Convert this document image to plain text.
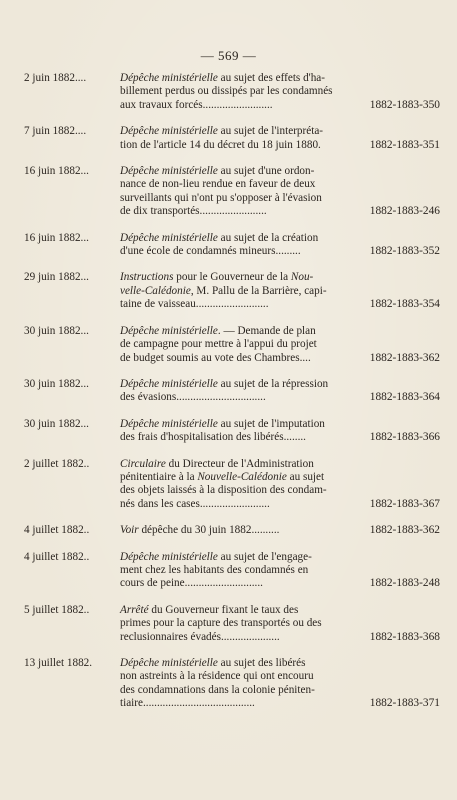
— 569 —
2 juin 1882....	Dépêche ministérielle au sujet des effets d'ha-
billement perdus ou dissipés par les condamnés
aux travaux forcés.........................	1882-1883-350
7 juin 1882....	Dépêche ministérielle au sujet de l'interpréta-
tion de l'article 14 du décret du 18 juin 1880.	1882-1883-351
16 juin 1882...	Dépêche ministérielle au sujet d'une ordon-
nance de non-lieu rendue en faveur de deux
surveillants qui n'ont pu s'opposer à l'évasion
de dix transportés........................	1882-1883-246
16 juin 1882...	Dépêche ministérielle au sujet de la création
d'une école de condamnés mineurs.........	1882-1883-352
29 juin 1882...	Instructions pour le Gouverneur de la Nou-
velle-Calédonie, M. Pallu de la Barrière, capi-
taine de vaisseau..........................	1882-1883-354
30 juin 1882...	Dépêche ministérielle. — Demande de plan
de campagne pour mettre à l'appui du projet
de budget soumis au vote des Chambres....	1882-1883-362
30 juin 1882...	Dépêche ministérielle au sujet de la répression
des évasions................................	1882-1883-364
30 juin 1882...	Dépêche ministérielle au sujet de l'imputation
des frais d'hospitalisation des libérés........	1882-1883-366
2 juillet 1882..	Circulaire du Directeur de l'Administration
pénitentiaire à la Nouvelle-Calédonie au sujet
des objets laissés à la disposition des condam-
nés dans les cases.........................	1882-1883-367
4 juillet 1882..	Voir dépêche du 30 juin 1882..........	1882-1883-362
4 juillet 1882..	Dépêche ministérielle au sujet de l'engage-
ment chez les habitants des condamnés en
cours de peine............................	1882-1883-248
5 juillet 1882..	Arrêté du Gouverneur fixant le taux des
primes pour la capture des transportés ou des
reclusionnaires évadés.....................	1882-1883-368
13 juillet 1882.	Dépêche ministérielle au sujet des libérés
non astreints à la résidence qui ont encouru
des condamnations dans la colonie péniten-
tiaire........................................	1882-1883-371
